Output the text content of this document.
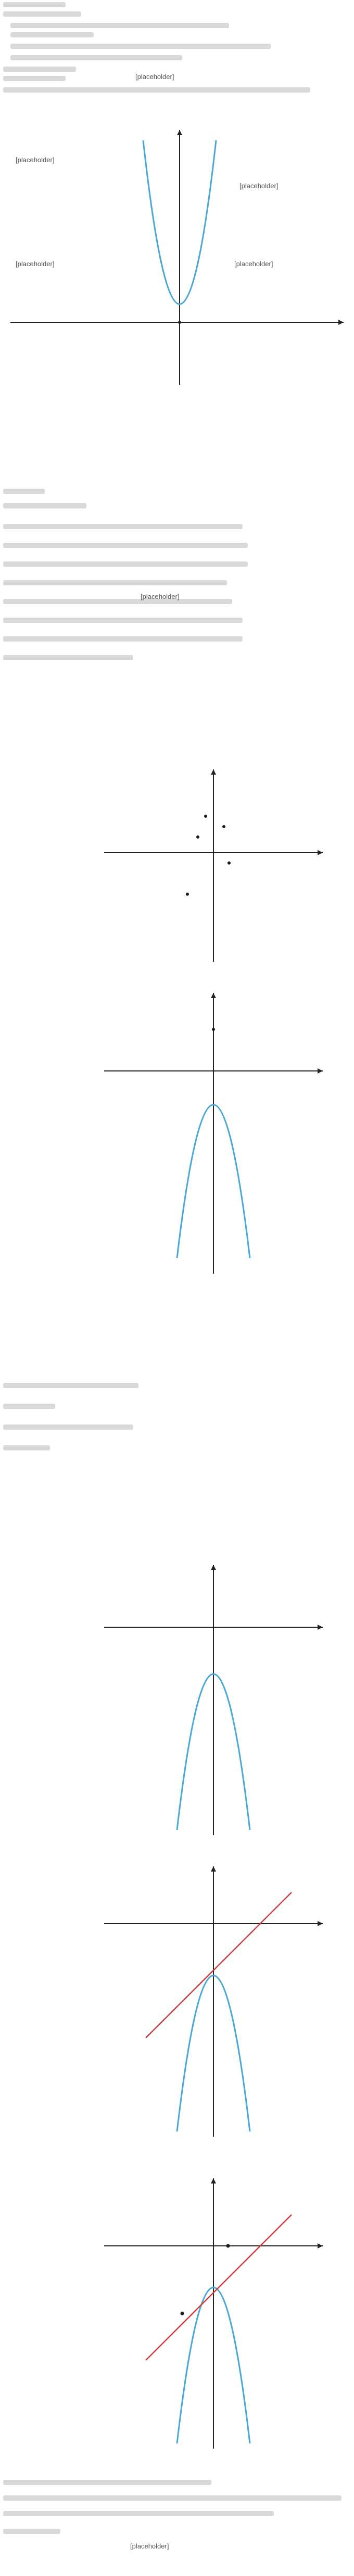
[placeholder]
[placeholder]
[placeholder]
[placeholder]	[placeholder]
[placeholder]
[placeholder]
